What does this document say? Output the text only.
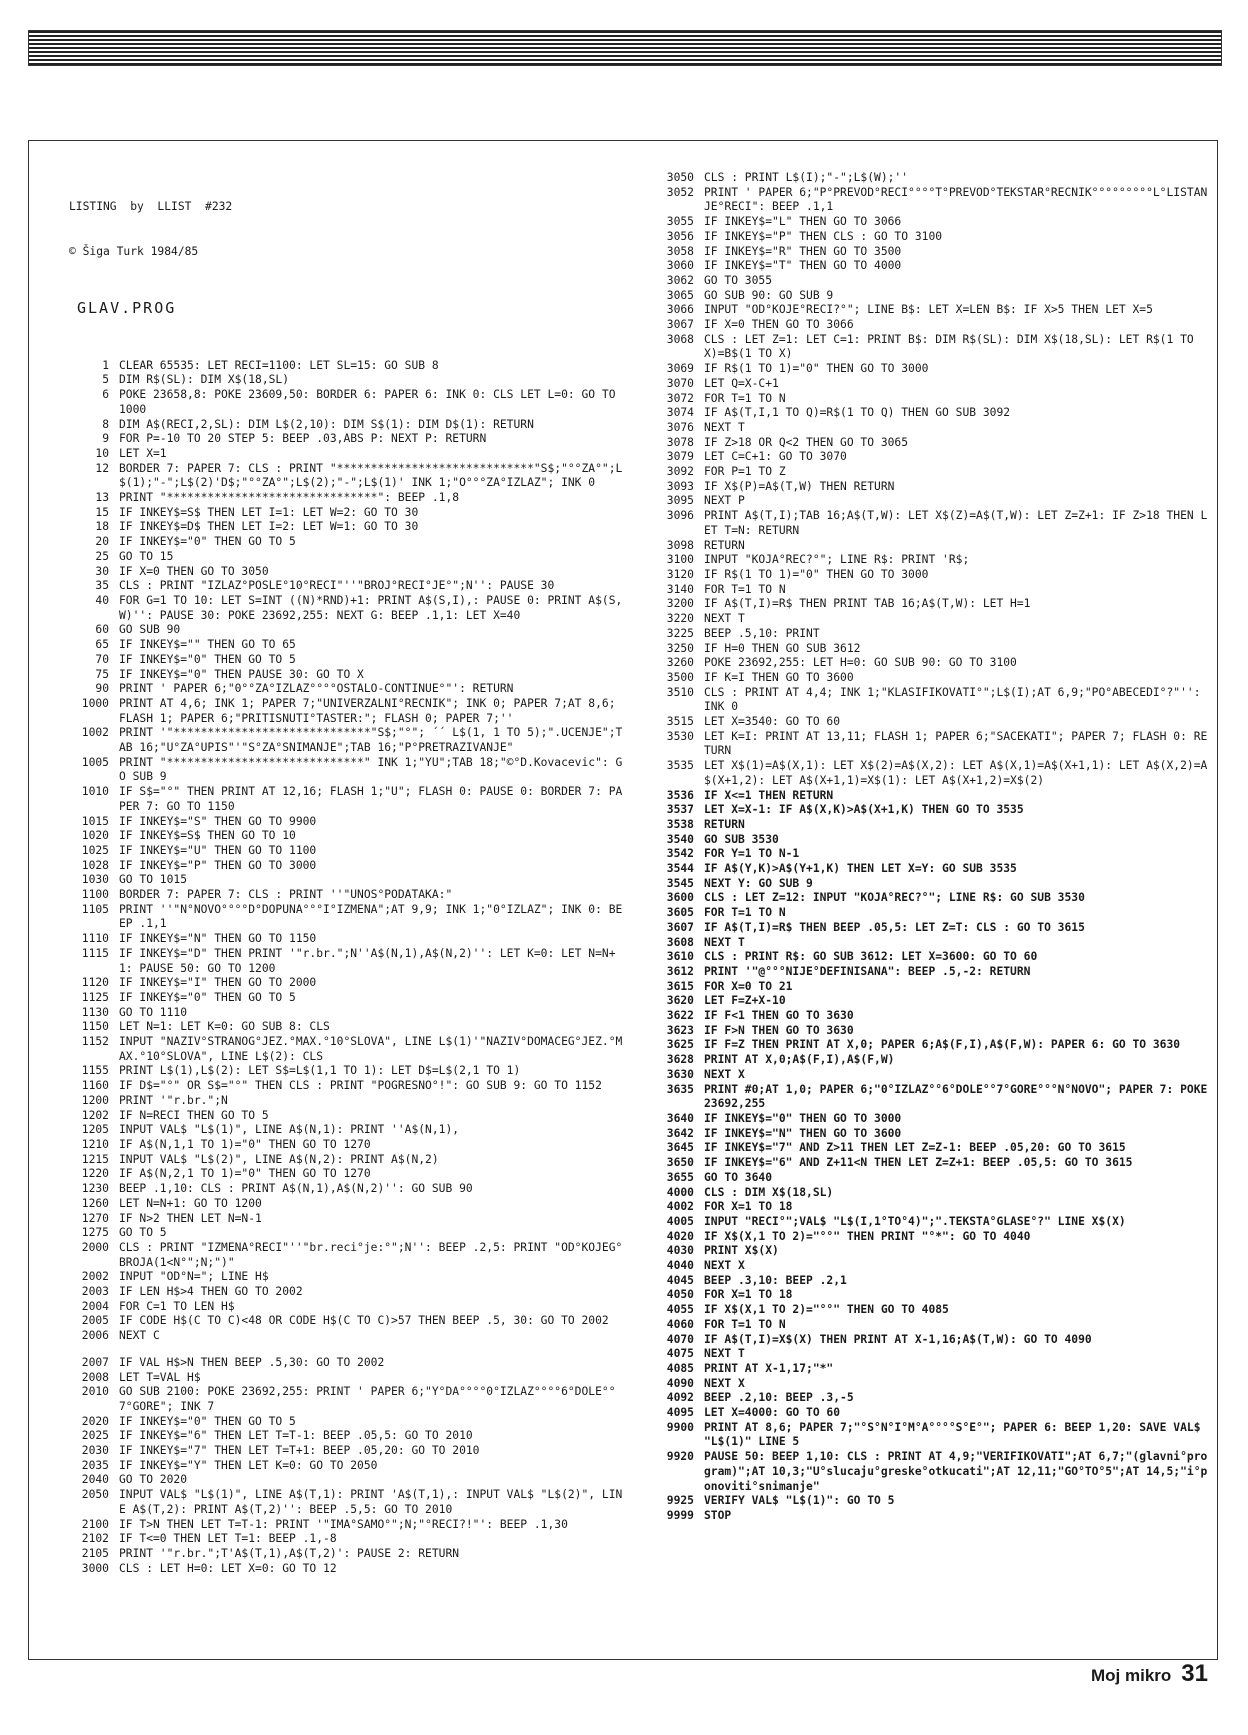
LISTING  by  LLIST  #232

© Šiga Turk 1984/85

GLAV.PROG

1 CLEAR 65535: LET RECI=1100: LET SL=15: GO SUB 8
5 DIM R$(SL): DIM X$(18,SL)
6 POKE 23658,8: POKE 23609,50: BORDER 6: PAPER 6: INK 0: CLS LET L=0: GO TO 1000
8 DIM A$(RECI,2,SL): DIM L$(2,10): DIM S$(1): DIM D$(1): RETURN
9 FOR P=-10 TO 20 STEP 5: BEEP .03,ABS P: NEXT P: RETURN
10 LET X=1
12 BORDER 7: PAPER 7: CLS : PRINT "*****************************"S$;"°°ZA°";L$(1);"-";L$(2)'D$;"°°ZA°";L$(2);"-";L$(1)' INK 1;"O°°°ZA°IZLAZ"; INK 0
13 PRINT "*******************************": BEEP .1,8
15 IF INKEY$=S$ THEN LET I=1: LET W=2: GO TO 30
18 IF INKEY$=D$ THEN LET I=2: LET W=1: GO TO 30
20 IF INKEY$="0" THEN GO TO 5
25 GO TO 15
30 IF X=0 THEN GO TO 3050
35 CLS : PRINT "IZLAZ°POSLE°10°RECI"''"BROJ°RECI°JE°";N'': PAUSE 30
40 FOR G=1 TO 10: LET S=INT ((N)*RND)+1: PRINT A$(S,I),: PAUSE 0: PRINT A$(S,W)'': PAUSE 30: POKE 23692,255: NEXT G: BEEP .1,1: LET X=40
60 GO SUB 90
65 IF INKEY$="" THEN GO TO 65
70 IF INKEY$="0" THEN GO TO 5
75 IF INKEY$="0" THEN PAUSE 30: GO TO X
90 PRINT ' PAPER 6;"0°°ZA°IZLAZ°°°°OSTALO-CONTINUE°"': RETURN
1000 PRINT AT 4,6; INK 1; PAPER 7;"UNIVERZALNI°RECNIK"; INK 0; PAPER 7;AT 8,6; FLASH 1; PAPER 6;"PRITISNUTI°TASTER:"; FLASH 0; PAPER 7;''
1002 PRINT '"*****************************"S$;"°"; ´´ L$(1, 1 TO 5);".UCENJE";TAB 16;"U°ZA°UPIS"'"S°ZA°SNIMANJE";TAB 16;"P°PRETRAZIVANJE"
1005 PRINT "*****************************" INK 1;"YU";TAB 18;"©°D.Kovacevic": GO SUB 9
1010 IF S$="°" THEN PRINT AT 12,16; FLASH 1;"U"; FLASH 0: PAUSE 0: BORDER 7: PAPER 7: GO TO 1150
1015 IF INKEY$="S" THEN GO TO 9900
1020 IF INKEY$=S$ THEN GO TO 10
1025 IF INKEY$="U" THEN GO TO 1100
1028 IF INKEY$="P" THEN GO TO 3000
1030 GO TO 1015
1100 BORDER 7: PAPER 7: CLS : PRINT ''"UNOS°PODATAKA:"
1105 PRINT ''"N°NOVO°°°°D°DOPUNA°°°I°IZMENA";AT 9,9; INK 1;"0°IZLAZ"; INK 0: BEEP .1,1
1110 IF INKEY$="N" THEN GO TO 1150
1115 IF INKEY$="D" THEN PRINT '"r.br.";N''A$(N,1),A$(N,2)'': LET K=0: LET N=N+1: PAUSE 50: GO TO 1200
1120 IF INKEY$="I" THEN GO TO 2000
1125 IF INKEY$="0" THEN GO TO 5
1130 GO TO 1110
1150 LET N=1: LET K=0: GO SUB 8: CLS
1152 INPUT "NAZIV°STRANOG°JEZ.°MAX.°10°SLOVA", LINE L$(1)'"NAZIV°DOMACEG°JEZ.°MAX.°10°SLOVA", LINE L$(2): CLS
1155 PRINT L$(1),L$(2): LET S$=L$(1,1 TO 1): LET D$=L$(2,1 TO 1)
1160 IF D$="°" OR S$="°" THEN CLS : PRINT "POGRESNO°!": GO SUB 9: GO TO 1152
1200 PRINT '"r.br.";N
1202 IF N=RECI THEN GO TO 5
1205 INPUT VAL$ "L$(1)", LINE A$(N,1): PRINT ''A$(N,1),
1210 IF A$(N,1,1 TO 1)="0" THEN GO TO 1270
1215 INPUT VAL$ "L$(2)", LINE A$(N,2): PRINT A$(N,2)
1220 IF A$(N,2,1 TO 1)="0" THEN GO TO 1270
1230 BEEP .1,10: CLS : PRINT A$(N,1),A$(N,2)'': GO SUB 90
1260 LET N=N+1: GO TO 1200
1270 IF N>2 THEN LET N=N-1
1275 GO TO 5
2000 CLS : PRINT "IZMENA°RECI"''"br.reci°je:°";N'': BEEP .2,5: PRINT "OD°KOJEG°BROJA(1<N°";N;")"
2002 INPUT "OD°N="; LINE H$
2003 IF LEN H$>4 THEN GO TO 2002
2004 FOR C=1 TO LEN H$
2005 IF CODE H$(C TO C)<48 OR CODE H$(C TO C)>57 THEN BEEP .5, 30: GO TO 2002
2006 NEXT C
2007 IF VAL H$>N THEN BEEP .5,30: GO TO 2002
2008 LET T=VAL H$
2010 GO SUB 2100: POKE 23692,255: PRINT ' PAPER 6;"Y°DA°°°°0°IZLAZ°°°°6°DOLE°°7°GORE"; INK 7
2020 IF INKEY$="0" THEN GO TO 5
2025 IF INKEY$="6" THEN LET T=T-1: BEEP .05,5: GO TO 2010
2030 IF INKEY$="7" THEN LET T=T+1: BEEP .05,20: GO TO 2010
2035 IF INKEY$="Y" THEN LET K=0: GO TO 2050
2040 GO TO 2020
2050 INPUT VAL$ "L$(1)", LINE A$(T,1): PRINT 'A$(T,1),: INPUT VAL$ "L$(2)", LINE A$(T,2): PRINT A$(T,2)'': BEEP .5,5: GO TO 2010
2100 IF T>N THEN LET T=T-1: PRINT '"IMA°SAMO°";N;"°RECI?!"': BEEP .1,30
2102 IF T<=0 THEN LET T=1: BEEP .1,-8
2105 PRINT '"r.br.";T'A$(T,1),A$(T,2)': PAUSE 2: RETURN
3000 CLS : LET H=0: LET X=0: GO TO 12
3050 CLS : PRINT L$(I);"-";L$(W);''
3052 PRINT ' PAPER 6;"P°PREVOD°RECI°°°°T°PREVOD°TEKSTAR°RECNIK°°°°°°°°°L°LISTANJE°RECI": BEEP .1,1
3055 IF INKEY$="L" THEN GO TO 3066
3056 IF INKEY$="P" THEN CLS : GO TO 3100
3058 IF INKEY$="R" THEN GO TO 3500
3060 IF INKEY$="T" THEN GO TO 4000
3062 GO TO 3055
3065 GO SUB 90: GO SUB 9
3066 INPUT "OD°KOJE°RECI?°"; LINE B$: LET X=LEN B$: IF X>5 THEN LET X=5
3067 IF X=0 THEN GO TO 3066
3068 CLS : LET Z=1: LET C=1: PRINT B$: DIM R$(SL): DIM X$(18,SL): LET R$(1 TO X)=B$(1 TO X)
3069 IF R$(1 TO 1)="0" THEN GO TO 3000
3070 LET Q=X-C+1
3072 FOR T=1 TO N
3074 IF A$(T,I,1 TO Q)=R$(1 TO Q) THEN GO SUB 3092
3076 NEXT T
3078 IF Z>18 OR Q<2 THEN GO TO 3065
3079 LET C=C+1: GO TO 3070
3092 FOR P=1 TO Z
3093 IF X$(P)=A$(T,W) THEN RETURN
3095 NEXT P
3096 PRINT A$(T,I);TAB 16;A$(T,W): LET X$(Z)=A$(T,W): LET Z=Z+1: IF Z>18 THEN LET T=N: RETURN
3098 RETURN
3100 INPUT "KOJA°REC?°"; LINE R$: PRINT 'R$;
3120 IF R$(1 TO 1)="0" THEN GO TO 3000
3140 FOR T=1 TO N
3200 IF A$(T,I)=R$ THEN PRINT TAB 16;A$(T,W): LET H=1
3220 NEXT T
3225 BEEP .5,10: PRINT
3250 IF H=0 THEN GO SUB 3612
3260 POKE 23692,255: LET H=0: GO SUB 90: GO TO 3100
3500 IF K=I THEN GO TO 3600
3510 CLS : PRINT AT 4,4; INK 1;"KLASIFIKOVATI°";L$(I);AT 6,9;"PO°ABECEDI°?"'': INK 0
3515 LET X=3540: GO TO 60
3530 LET K=I: PRINT AT 13,11; FLASH 1; PAPER 6;"SACEKATI"; PAPER 7; FLASH 0: RETURN
3535 LET X$(1)=A$(X,1): LET X$(2)=A$(X,2): LET A$(X,1)=A$(X+1,1): LET A$(X,2)=A$(X+1,2): LET A$(X+1,1)=X$(1): LET A$(X+1,2)=X$(2)
3536 IF X<=1 THEN RETURN
3537 LET X=X-1: IF A$(X,K)>A$(X+1,K) THEN GO TO 3535
3538 RETURN
3540 GO SUB 3530
3542 FOR Y=1 TO N-1
3544 IF A$(Y,K)>A$(Y+1,K) THEN LET X=Y: GO SUB 3535
3545 NEXT Y: GO SUB 9
3600 CLS : LET Z=12: INPUT "KOJA°REC?°"; LINE R$: GO SUB 3530
3605 FOR T=1 TO N
3607 IF A$(T,I)=R$ THEN BEEP .05,5: LET Z=T: CLS : GO TO 3615
3608 NEXT T
3610 CLS : PRINT R$: GO SUB 3612: LET X=3600: GO TO 60
3612 PRINT '"@°°°NIJE°DEFINISANA": BEEP .5,-2: RETURN
3615 FOR X=0 TO 21
3620 LET F=Z+X-10
3622 IF F<1 THEN GO TO 3630
3623 IF F>N THEN GO TO 3630
3625 IF F=Z THEN PRINT AT X,0; PAPER 6;A$(F,I),A$(F,W): PAPER 6: GO TO 3630
3628 PRINT AT X,0;A$(F,I),A$(F,W)
3630 NEXT X
3635 PRINT #0;AT 1,0; PAPER 6;"0°IZLAZ°°6°DOLE°°7°GORE°°°N°NOVO"; PAPER 7: POKE 23692,255
3640 IF INKEY$="0" THEN GO TO 3000
3642 IF INKEY$="N" THEN GO TO 3600
3645 IF INKEY$="7" AND Z>11 THEN LET Z=Z-1: BEEP .05,20: GO TO 3615
3650 IF INKEY$="6" AND Z+11<N THEN LET Z=Z+1: BEEP .05,5: GO TO 3615
3655 GO TO 3640
4000 CLS : DIM X$(18,SL)
4002 FOR X=1 TO 18
4005 INPUT "RECI°";VAL$ "L$(I,1°TO°4)";".TEKSTA°GLASE°?" LINE X$(X)
4020 IF X$(X,1 TO 2)="°°" THEN PRINT "°*": GO TO 4040
4030 PRINT X$(X)
4040 NEXT X
4045 BEEP .3,10: BEEP .2,1
4050 FOR X=1 TO 18
4055 IF X$(X,1 TO 2)="°°" THEN GO TO 4085
4060 FOR T=1 TO N
4070 IF A$(T,I)=X$(X) THEN PRINT AT X-1,16;A$(T,W): GO TO 4090
4075 NEXT T
4085 PRINT AT X-1,17;"*"
4090 NEXT X
4092 BEEP .2,10: BEEP .3,-5
4095 LET X=4000: GO TO 60
9900 PRINT AT 8,6; PAPER 7;"°S°N°I°M°A°°°°S°E°"; PAPER 6: BEEP 1,20: SAVE VAL$ "L$(1)" LINE 5
9920 PAUSE 50: BEEP 1,10: CLS : PRINT AT 4,9;"VERIFIKOVATI";AT 6,7;"(glavni°program)";AT 10,3;"U°slucaju°greske°otkucati";AT 12,11;"GO°TO°5";AT 14,5;"i°ponoviti°snimanje"
9925 VERIFY VAL$ "L$(1)": GO TO 5
9999 STOP
Moj mikro 31
